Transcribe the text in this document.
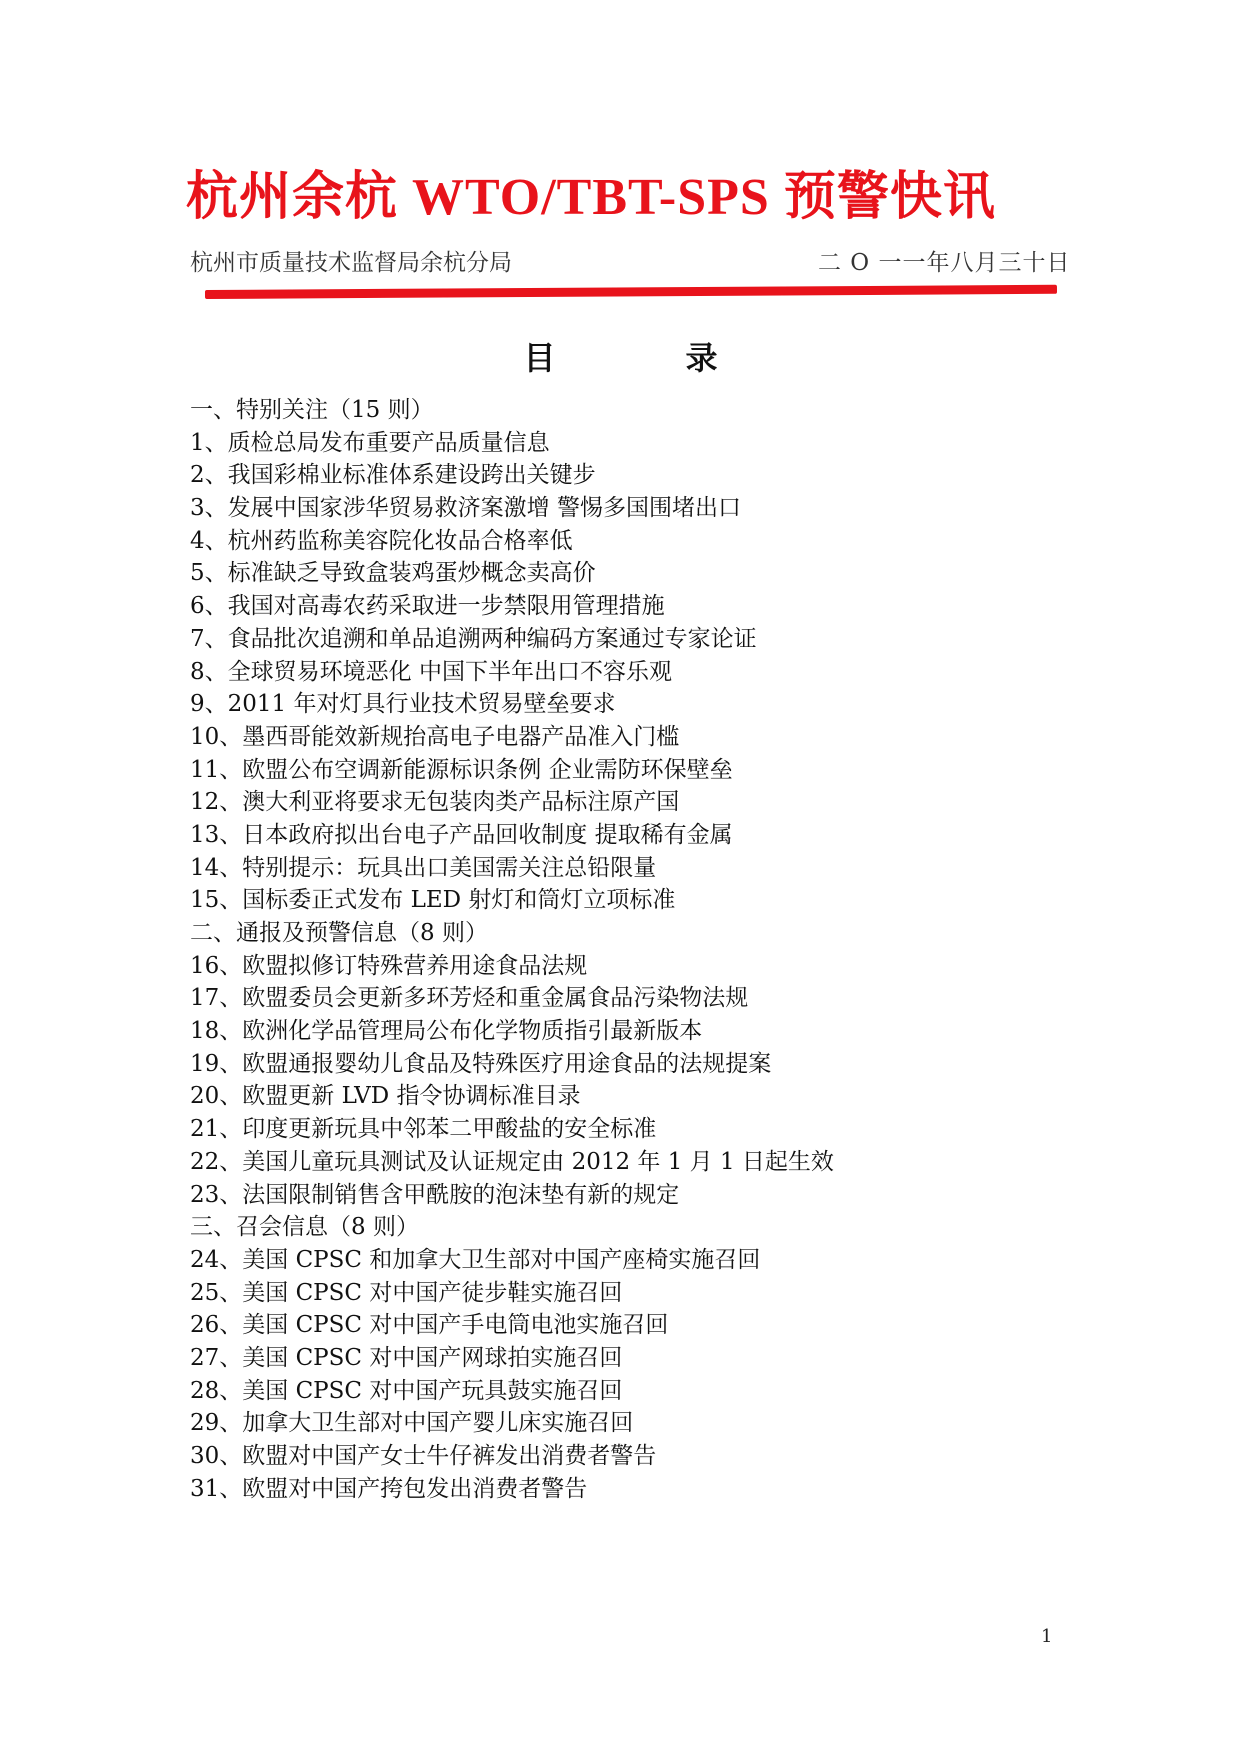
杭州余杭 WTO/TBT-SPS 预警快讯
杭州市质量技术监督局余杭分局	二 O 一一年八月三十日
目录
一、特别关注（15 则）
1、质检总局发布重要产品质量信息
2、我国彩棉业标准体系建设跨出关键步
3、发展中国家涉华贸易救济案激增 警惕多国围堵出口
4、杭州药监称美容院化妆品合格率低
5、标准缺乏导致盒装鸡蛋炒概念卖高价
6、我国对高毒农药采取进一步禁限用管理措施
7、食品批次追溯和单品追溯两种编码方案通过专家论证
8、全球贸易环境恶化 中国下半年出口不容乐观
9、2011 年对灯具行业技术贸易壁垒要求
10、墨西哥能效新规抬高电子电器产品准入门槛
11、欧盟公布空调新能源标识条例 企业需防环保壁垒
12、澳大利亚将要求无包装肉类产品标注原产国
13、日本政府拟出台电子产品回收制度 提取稀有金属
14、特别提示：玩具出口美国需关注总铅限量
15、国标委正式发布 LED 射灯和筒灯立项标准
二、通报及预警信息（8 则）
16、欧盟拟修订特殊营养用途食品法规
17、欧盟委员会更新多环芳烃和重金属食品污染物法规
18、欧洲化学品管理局公布化学物质指引最新版本
19、欧盟通报婴幼儿食品及特殊医疗用途食品的法规提案
20、欧盟更新 LVD 指令协调标准目录
21、印度更新玩具中邻苯二甲酸盐的安全标准
22、美国儿童玩具测试及认证规定由 2012 年 1 月 1 日起生效
23、法国限制销售含甲酰胺的泡沫垫有新的规定
三、召会信息（8 则）
24、美国 CPSC 和加拿大卫生部对中国产座椅实施召回
25、美国 CPSC 对中国产徒步鞋实施召回
26、美国 CPSC 对中国产手电筒电池实施召回
27、美国 CPSC 对中国产网球拍实施召回
28、美国 CPSC 对中国产玩具鼓实施召回
29、加拿大卫生部对中国产婴儿床实施召回
30、欧盟对中国产女士牛仔裤发出消费者警告
31、欧盟对中国产挎包发出消费者警告
1
